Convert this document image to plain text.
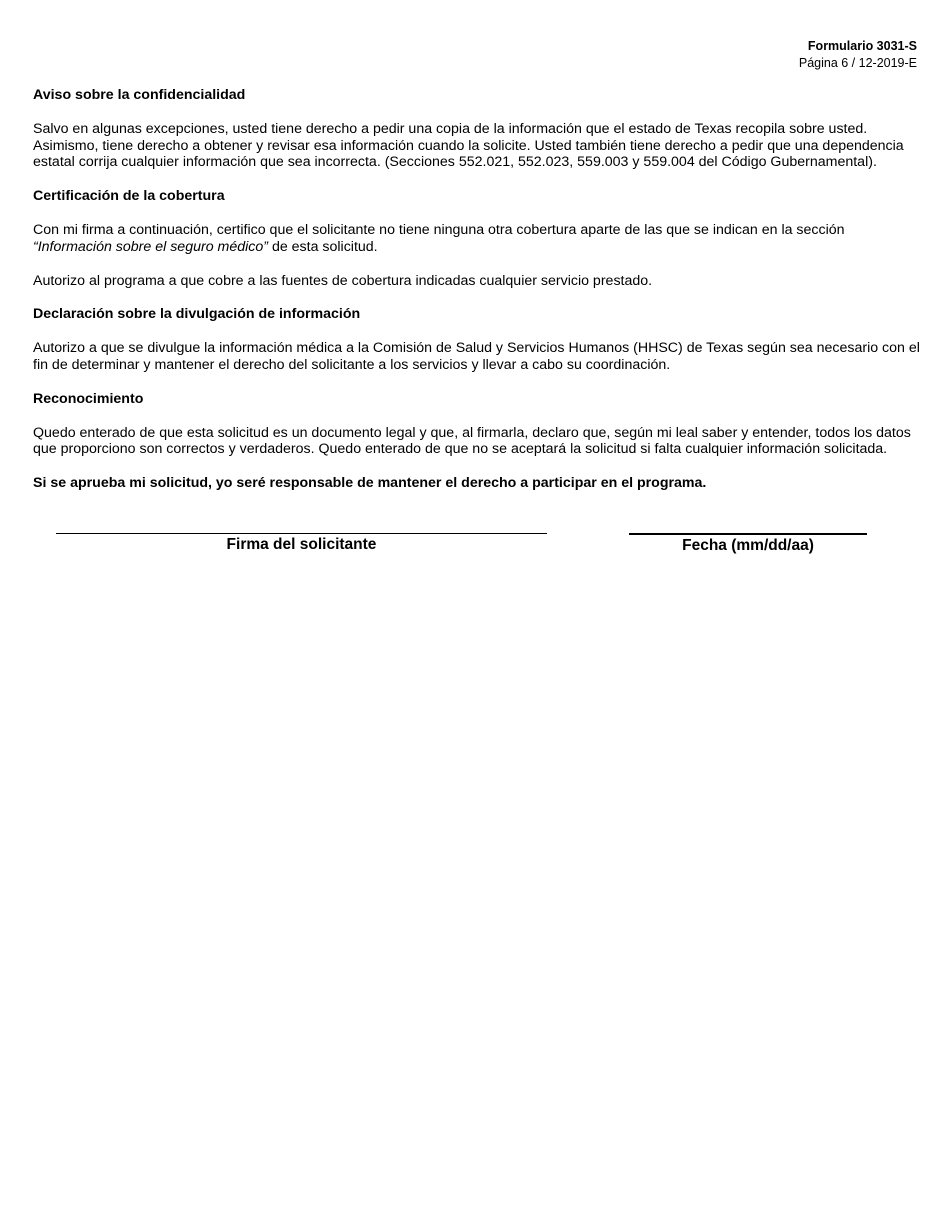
Formulario 3031-S
Página 6 / 12-2019-E
Aviso sobre la confidencialidad

Salvo en algunas excepciones, usted tiene derecho a pedir una copia de la información que el estado de Texas recopila sobre usted. Asimismo, tiene derecho a obtener y revisar esa información cuando la solicite. Usted también tiene derecho a pedir que una dependencia estatal corrija cualquier información que sea incorrecta. (Secciones 552.021, 552.023, 559.003 y 559.004 del Código Gubernamental).

Certificación de la cobertura

Con mi firma a continuación, certifico que el solicitante no tiene ninguna otra cobertura aparte de las que se indican en la sección “Información sobre el seguro médico” de esta solicitud.

Autorizo al programa a que cobre a las fuentes de cobertura indicadas cualquier servicio prestado.

Declaración sobre la divulgación de información

Autorizo a que se divulgue la información médica a la Comisión de Salud y Servicios Humanos (HHSC) de Texas según sea necesario con el fin de determinar y mantener el derecho del solicitante a los servicios y llevar a cabo su coordinación.

Reconocimiento

Quedo enterado de que esta solicitud es un documento legal y que, al firmarla, declaro que, según mi leal saber y entender, todos los datos que proporciono son correctos y verdaderos. Quedo enterado de que no se aceptará la solicitud si falta cualquier información solicitada.

Si se aprueba mi solicitud, yo seré responsable de mantener el derecho a participar en el programa.

Firma del solicitante	Fecha (mm/dd/aa)
